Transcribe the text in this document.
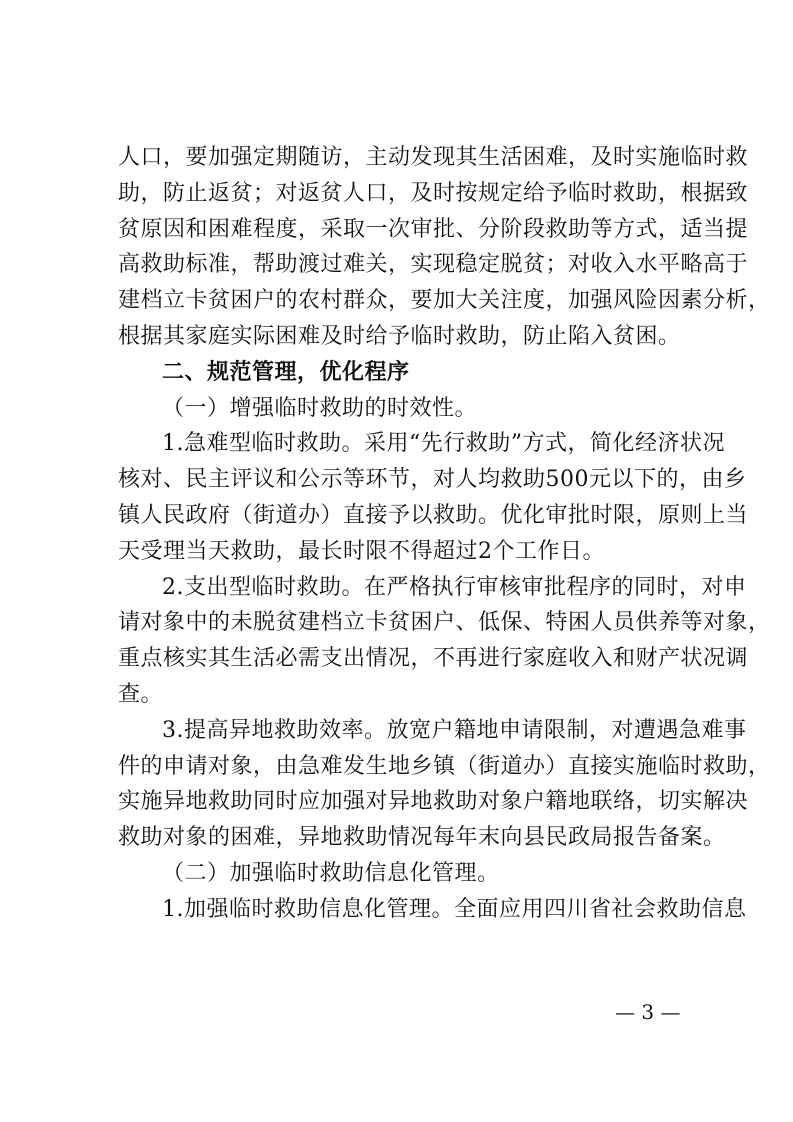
人口，要加强定期随访，主动发现其生活困难，及时实施临时救
助，防止返贫；对返贫人口，及时按规定给予临时救助，根据致
贫原因和困难程度，采取一次审批、分阶段救助等方式，适当提
高救助标准，帮助渡过难关，实现稳定脱贫；对收入水平略高于
建档立卡贫困户的农村群众，要加大关注度，加强风险因素分析，
根据其家庭实际困难及时给予临时救助，防止陷入贫困。
二、规范管理，优化程序
（一）增强临时救助的时效性。
1.急难型临时救助。采用“先行救助”方式，简化经济状况
核对、民主评议和公示等环节，对人均救助500元以下的，由乡
镇人民政府（街道办）直接予以救助。优化审批时限，原则上当
天受理当天救助，最长时限不得超过2个工作日。
2.支出型临时救助。在严格执行审核审批程序的同时，对申
请对象中的未脱贫建档立卡贫困户、低保、特困人员供养等对象，
重点核实其生活必需支出情况，不再进行家庭收入和财产状况调
查。
3.提高异地救助效率。放宽户籍地申请限制，对遭遇急难事
件的申请对象，由急难发生地乡镇（街道办）直接实施临时救助，
实施异地救助同时应加强对异地救助对象户籍地联络，切实解决
救助对象的困难，异地救助情况每年末向县民政局报告备案。
（二）加强临时救助信息化管理。
1.加强临时救助信息化管理。全面应用四川省社会救助信息
— 3 —
